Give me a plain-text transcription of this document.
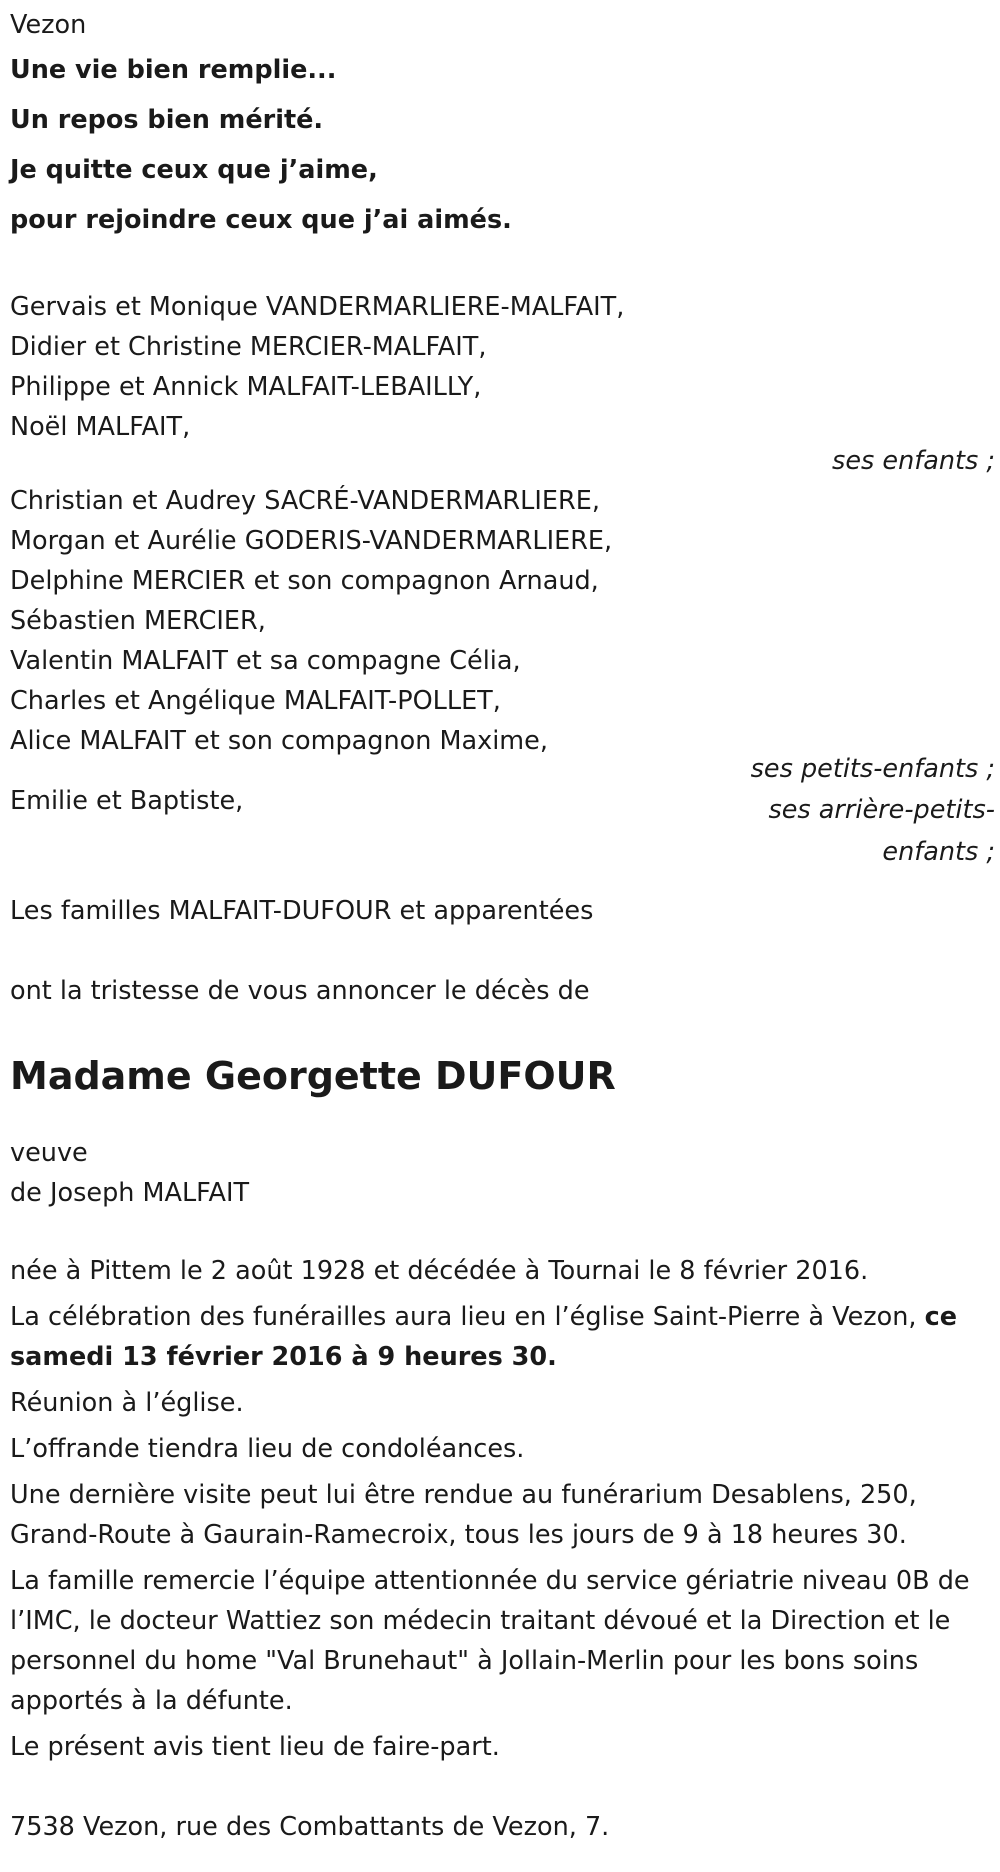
Vezon

Une vie bien remplie...

Un repos bien mérité.

Je quitte ceux que j’aime,

pour rejoindre ceux que j’ai aimés.

Gervais et Monique VANDERMARLIERE-MALFAIT,

Didier et Christine MERCIER-MALFAIT,

Philippe et Annick MALFAIT-LEBAILLY,

Noël MALFAIT,

ses enfants ;

Christian et Audrey SACRÉ-VANDERMARLIERE,

Morgan et Aurélie GODERIS-VANDERMARLIERE,

Delphine MERCIER et son compagnon Arnaud,

Sébastien MERCIER,

Valentin MALFAIT et sa compagne Célia,

Charles et Angélique MALFAIT-POLLET,

Alice MALFAIT et son compagnon Maxime,

ses petits-enfants ;

Emilie et Baptiste,	ses arrière-petits-enfants ;

Les familles MALFAIT-DUFOUR et apparentées

ont la tristesse de vous annoncer le décès de

Madame Georgette DUFOUR

veuve

de Joseph MALFAIT

née à Pittem le 2 août 1928 et décédée à Tournai le 8 février 2016.

La célébration des funérailles aura lieu en l’église Saint-Pierre à Vezon, ce samedi 13 février 2016 à 9 heures 30.

Réunion à l’église.

L’offrande tiendra lieu de condoléances.

Une dernière visite peut lui être rendue au funérarium Desablens, 250, Grand-Route à Gaurain-Ramecroix, tous les jours de 9 à 18 heures 30.

La famille remercie l’équipe attentionnée du service gériatrie niveau 0B de l’IMC, le docteur Wattiez son médecin traitant dévoué et la Direction et le personnel du home "Val Brunehaut" à Jollain-Merlin pour les bons soins apportés à la défunte.

Le présent avis tient lieu de faire-part.

7538 Vezon, rue des Combattants de Vezon, 7.
